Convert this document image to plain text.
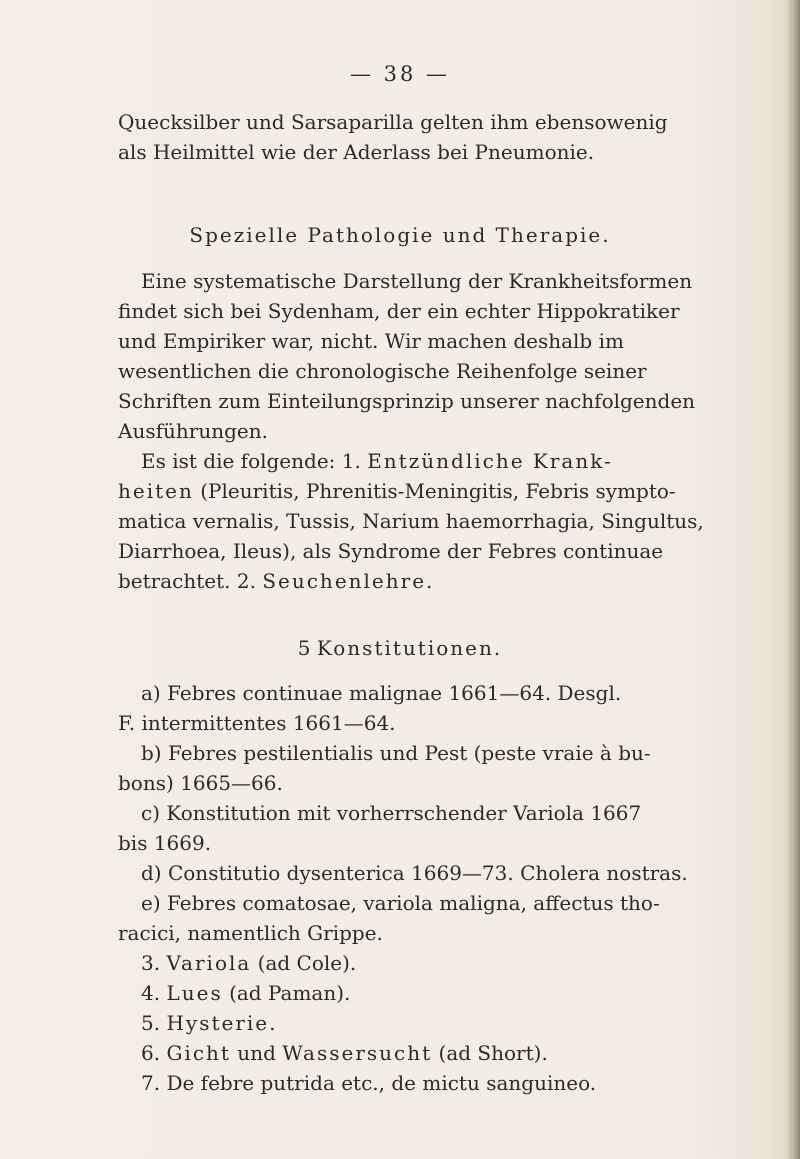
— 38 —
Quecksilber und Sarsaparilla gelten ihm ebensowenig
als Heilmittel wie der Aderlass bei Pneumonie.
Spezielle Pathologie und Therapie.
Eine systematische Darstellung der Krankheitsformen
findet sich bei Sydenham, der ein echter Hippokratiker
und Empiriker war, nicht. Wir machen deshalb im
wesentlichen die chronologische Reihenfolge seiner
Schriften zum Einteilungsprinzip unserer nachfolgenden
Ausführungen.
Es ist die folgende: 1. Entzündliche Krank-
heiten (Pleuritis, Phrenitis-Meningitis, Febris sympto-
matica vernalis, Tussis, Narium haemorrhagia, Singultus,
Diarrhoea, Ileus), als Syndrome der Febres continuae
betrachtet. 2. Seuchenlehre.
5 Konstitutionen.
a) Febres continuae malignae 1661—64. Desgl.
F. intermittentes 1661—64.
b) Febres pestilentialis und Pest (peste vraie à bu-
bons) 1665—66.
c) Konstitution mit vorherrschender Variola 1667
bis 1669.
d) Constitutio dysenterica 1669—73. Cholera nostras.
e) Febres comatosae, variola maligna, affectus tho-
racici, namentlich Grippe.
3. Variola (ad Cole).
4. Lues (ad Paman).
5. Hysterie.
6. Gicht und Wassersucht (ad Short).
7. De febre putrida etc., de mictu sanguineo.
